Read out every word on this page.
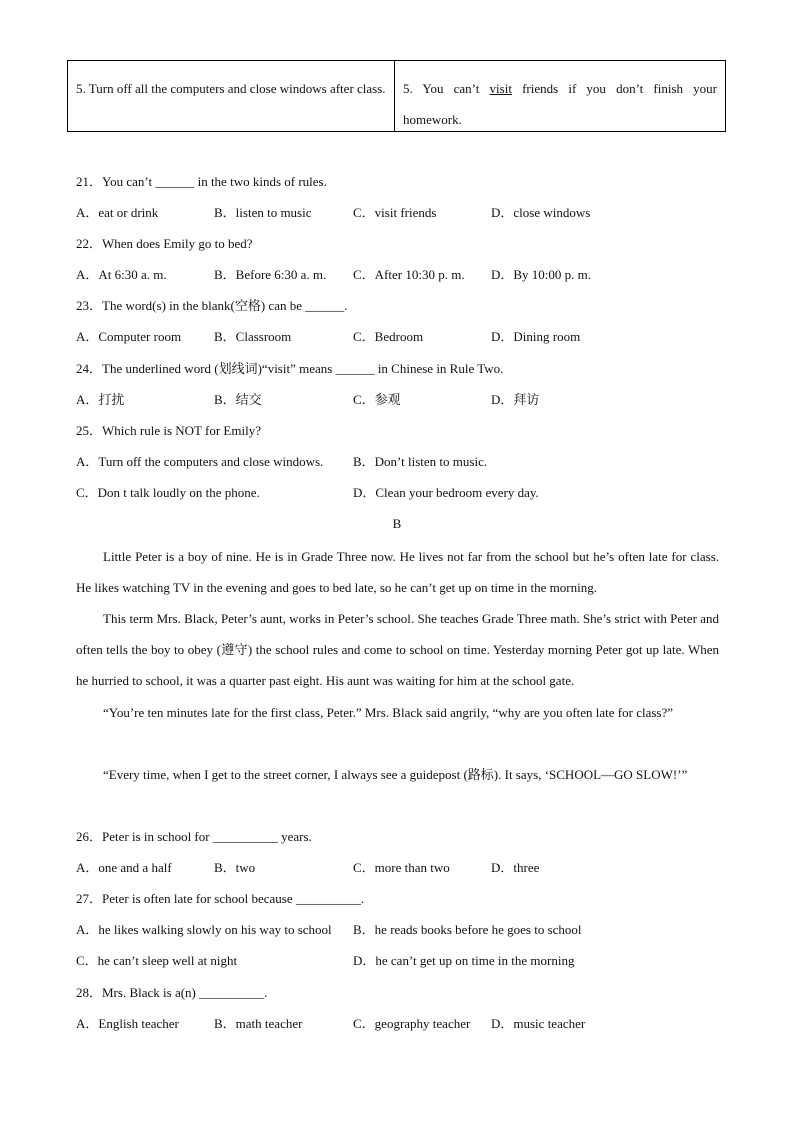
5. Turn off all the computers and close windows after class.	5. You can’t visit friends if you don’t finish your homework.
21．You can’t ______ in the two kinds of rules.
A．eat or drink	B．listen to music	C．visit friends	D．close windows
22．When does Emily go to bed?
A．At 6:30 a. m.	B．Before 6:30 a. m. C．After 10:30 p. m. D．By 10:00 p. m.
23．The word(s) in the blank(空格) can be ______.
A．Computer room	B．Classroom	C．Bedroom	D．Dining room
24．The underlined word (划线词)“visit” means ______ in Chinese in Rule Two.
A．打扰	B．结交	C．参观	D．拜访
25．Which rule is NOT for Emily?
A．Turn off the computers and close windows. B．Don’t listen to music.
C．Don t talk loudly on the phone.	D．Clean your bedroom every day.
B
Little Peter is a boy of nine. He is in Grade Three now. He lives not far from the school but he’s often late for class. He likes watching TV in the evening and goes to bed late, so he can’t get up on time in the morning.
This term Mrs. Black, Peter’s aunt, works in Peter’s school. She teaches Grade Three math. She’s strict with Peter and often tells the boy to obey (遵守) the school rules and come to school on time. Yesterday morning Peter got up late. When he hurried to school, it was a quarter past eight. His aunt was waiting for him at the school gate.
“You’re ten minutes late for the first class, Peter.” Mrs. Black said angrily, “why are you often late for class?”
“Every time, when I get to the street corner, I always see a guidepost (路标). It says, ‘SCHOOL—GO SLOW!’”
26．Peter is in school for __________ years.
A．one and a half	B．two	C．more than two	D．three
27．Peter is often late for school because __________.
A．he likes walking slowly on his way to school B．he reads books before he goes to school
C．he can’t sleep well at night	D．he can’t get up on time in the morning
28．Mrs. Black is a(n) __________.
A．English teacher	B．math teacher	C．geography teacher D．music teacher
